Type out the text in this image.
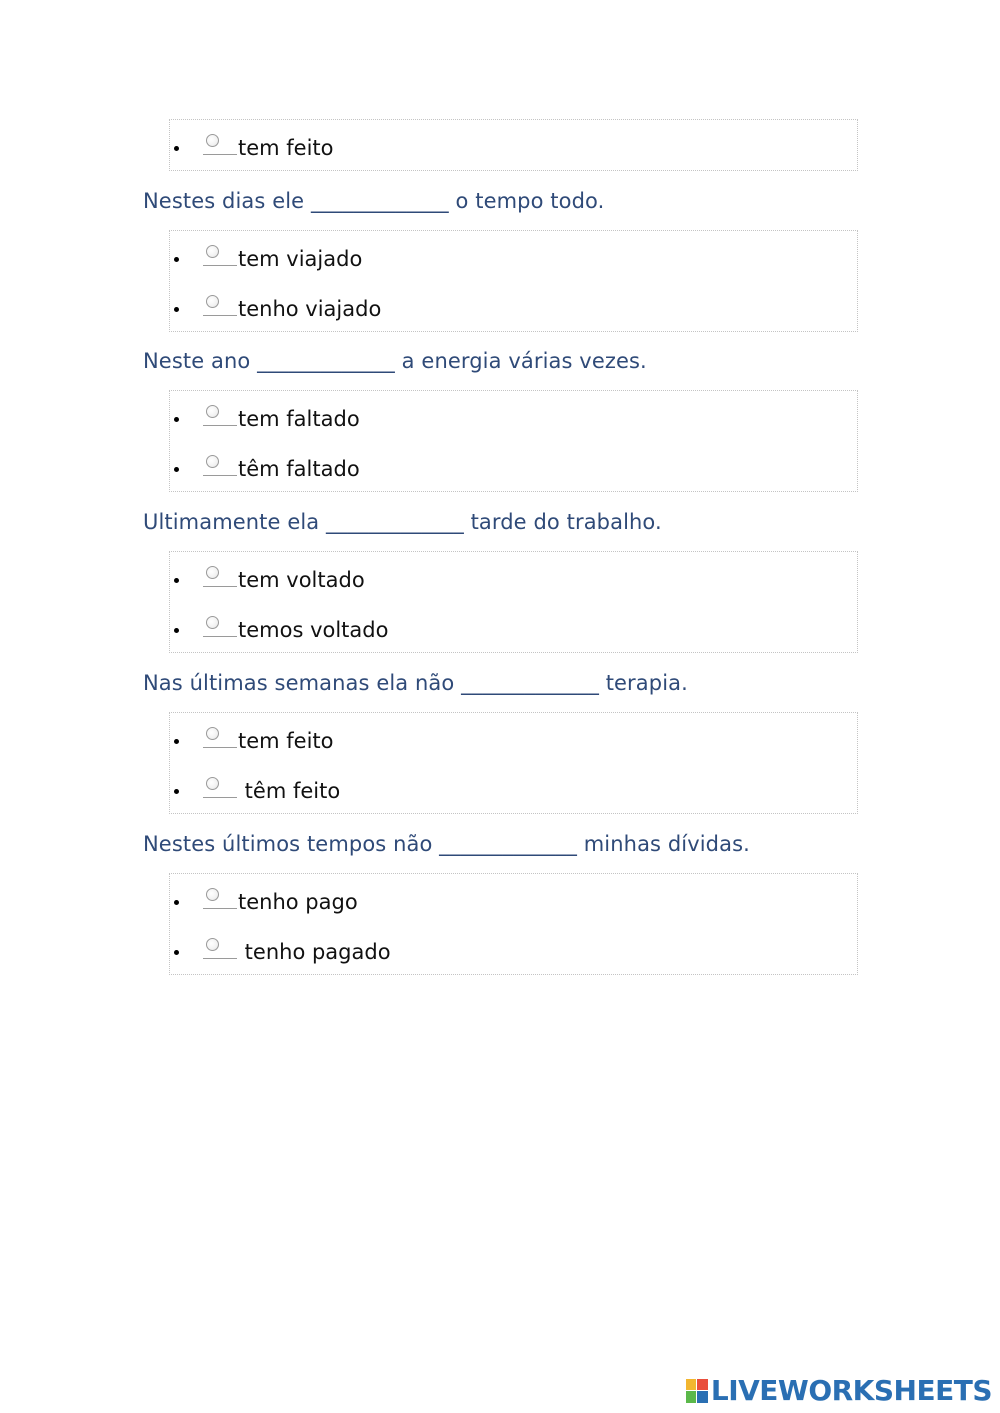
tem feito
Nestes dias ele _____________ o tempo todo.
tem viajado
tenho viajado
Neste ano _____________ a energia várias vezes.
tem faltado
têm faltado
Ultimamente ela _____________ tarde do trabalho.
tem voltado
temos voltado
Nas últimas semanas ela não _____________ terapia.
tem feito
têm feito
Nestes últimos tempos não _____________ minhas dívidas.
tenho pago
tenho pagado
LIVEWORKSHEETS
